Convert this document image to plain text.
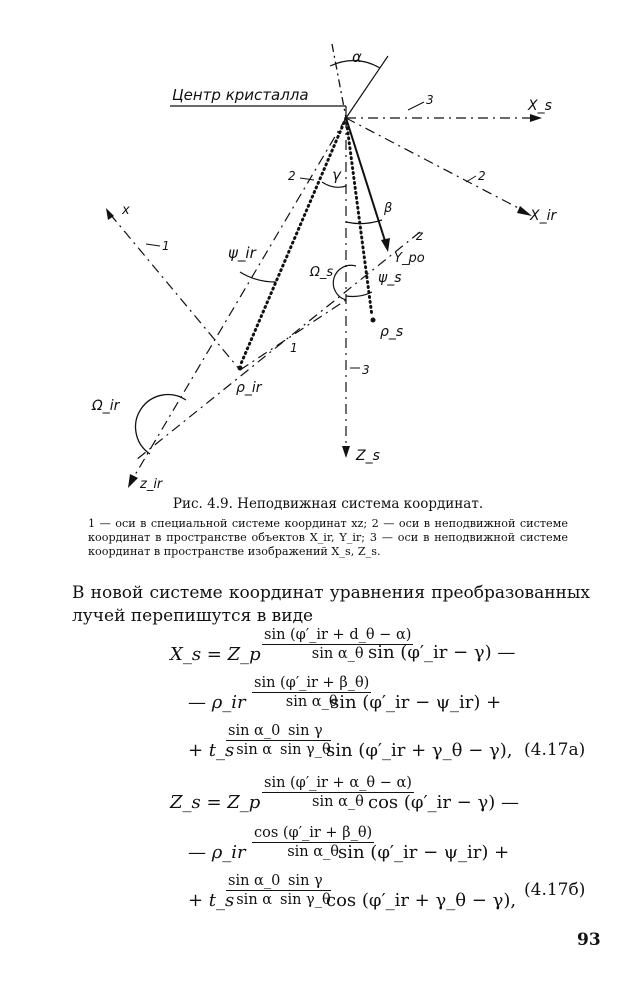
α
Центр кристалла
X_s
3
X_ir
2
Z_s
3
Y_po
z
z_ir
2
x
1
1
ρ_ir
ρ_s
γ
β
ψ_ir
ψ_s
Ω_s
Ω_ir
Рис. 4.9. Неподвижная система координат.
1 — оси в специальной системе координат xz; 2 — оси в неподвижной системе координат в пространстве объектов X_ir, Y_ir; 3 — оси в неподвижной системе координат в пространстве изображений X_s, Z_s.
В новой системе координат уравнения преобразованных лучей перепишутся в виде
X_s = Z_p $\frac{\sin (\varphi'\_ir + d\_\theta - \alpha)}{\text{sin α\_θ}}$
sin (φ′_ir − γ) —
— ρ_ir $\frac{\sin (\varphi'\_ir + \beta\_\theta)}{\text{sin α\_θ}}$
sin (φ′_ir − ψ_ir) +
+ t_s
$\frac{\text{sin α\_0}}{\text{sin α}}$
$\frac{\text{sin γ}}{\text{sin γ\_θ}}$
sin (φ′_ir + γ_θ − γ), (4.17a)
Z_s = Z_p $\frac{\sin (\varphi'\_ir + \alpha\_\theta - \alpha)}{\text{sin α\_θ}}$
cos (φ′_ir − γ) —
— ρ_ir $\frac{\cos (\varphi'\_ir + \beta\_\theta)}{\text{sin α\_θ}}$
sin (φ′_ir − ψ_ir) +
+ t_s
$\frac{\text{sin α\_0}}{\text{sin α}}$
$\frac{\text{sin γ}}{\text{sin γ\_θ}}$
cos (φ′_ir + γ_θ − γ), (4.17б)
93
